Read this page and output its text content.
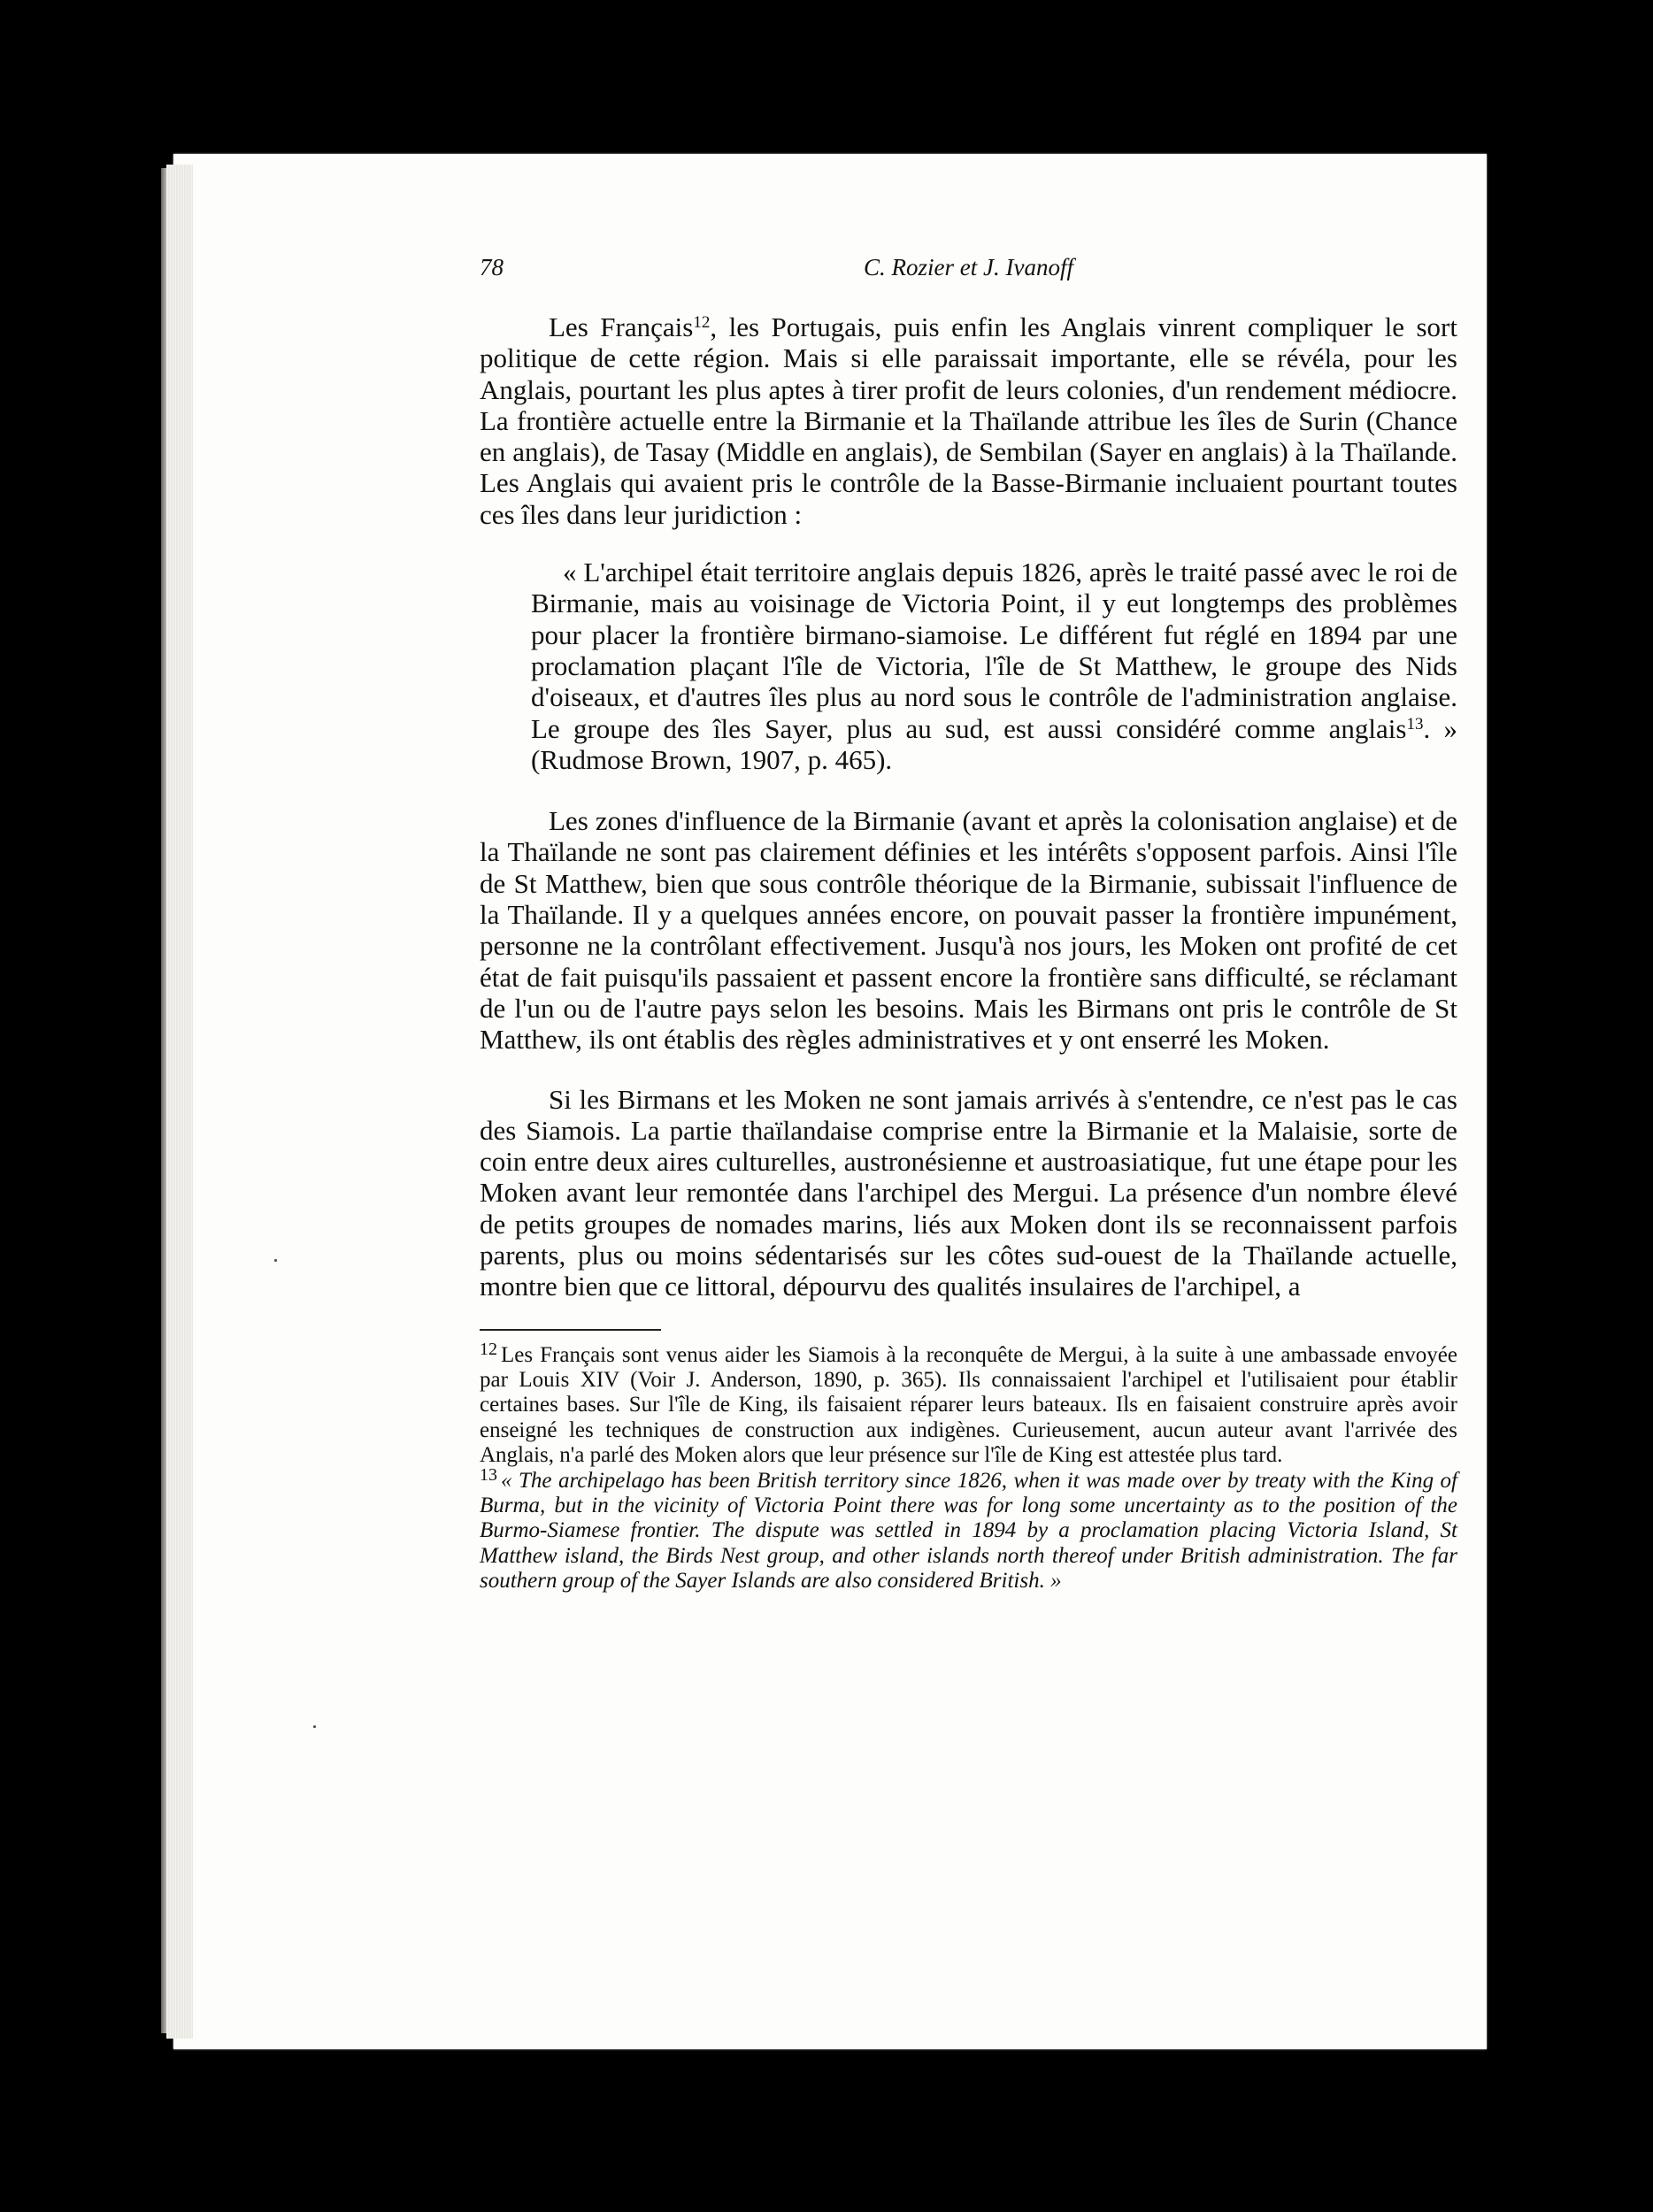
78	C. Rozier et J. Ivanoff

Les Français$^{12}$, les Portugais, puis enfin les Anglais vinrent compliquer le sort politique de cette région. Mais si elle paraissait importante, elle se révéla, pour les Anglais, pourtant les plus aptes à tirer profit de leurs colonies, d'un rendement médiocre. La frontière actuelle entre la Birmanie et la Thaïlande attribue les îles de Surin (Chance en anglais), de Tasay (Middle en anglais), de Sembilan (Sayer en anglais) à la Thaïlande. Les Anglais qui avaient pris le contrôle de la Basse-Birmanie incluaient pourtant toutes ces îles dans leur juridiction :

« L'archipel était territoire anglais depuis 1826, après le traité passé avec le roi de Birmanie, mais au voisinage de Victoria Point, il y eut longtemps des problèmes pour placer la frontière birmano-siamoise. Le différent fut réglé en 1894 par une proclamation plaçant l'île de Victoria, l'île de St Matthew, le groupe des Nids d'oiseaux, et d'autres îles plus au nord sous le contrôle de l'administration anglaise. Le groupe des îles Sayer, plus au sud, est aussi considéré comme anglais$^{13}$. » (Rudmose Brown, 1907, p. 465).

Les zones d'influence de la Birmanie (avant et après la colonisation anglaise) et de la Thaïlande ne sont pas clairement définies et les intérêts s'opposent parfois. Ainsi l'île de St Matthew, bien que sous contrôle théorique de la Birmanie, subissait l'influence de la Thaïlande. Il y a quelques années encore, on pouvait passer la frontière impunément, personne ne la contrôlant effectivement. Jusqu'à nos jours, les Moken ont profité de cet état de fait puisqu'ils passaient et passent encore la frontière sans difficulté, se réclamant de l'un ou de l'autre pays selon les besoins. Mais les Birmans ont pris le contrôle de St Matthew, ils ont établis des règles administratives et y ont enserré les Moken.

Si les Birmans et les Moken ne sont jamais arrivés à s'entendre, ce n'est pas le cas des Siamois. La partie thaïlandaise comprise entre la Birmanie et la Malaisie, sorte de coin entre deux aires culturelles, austronésienne et austroasiatique, fut une étape pour les Moken avant leur remontée dans l'archipel des Mergui. La présence d'un nombre élevé de petits groupes de nomades marins, liés aux Moken dont ils se reconnaissent parfois parents, plus ou moins sédentarisés sur les côtes sud-ouest de la Thaïlande actuelle, montre bien que ce littoral, dépourvu des qualités insulaires de l'archipel, a

$^{12}$ Les Français sont venus aider les Siamois à la reconquête de Mergui, à la suite à une ambassade envoyée par Louis XIV (Voir J. Anderson, 1890, p. 365). Ils connaissaient l'archipel et l'utilisaient pour établir certaines bases. Sur l'île de King, ils faisaient réparer leurs bateaux. Ils en faisaient construire après avoir enseigné les techniques de construction aux indigènes. Curieusement, aucun auteur avant l'arrivée des Anglais, n'a parlé des Moken alors que leur présence sur l'île de King est attestée plus tard.

$^{13}$ « The archipelago has been British territory since 1826, when it was made over by treaty with the King of Burma, but in the vicinity of Victoria Point there was for long some uncertainty as to the position of the Burmo-Siamese frontier. The dispute was settled in 1894 by a proclamation placing Victoria Island, St Matthew island, the Birds Nest group, and other islands north thereof under British administration. The far southern group of the Sayer Islands are also considered British. »
